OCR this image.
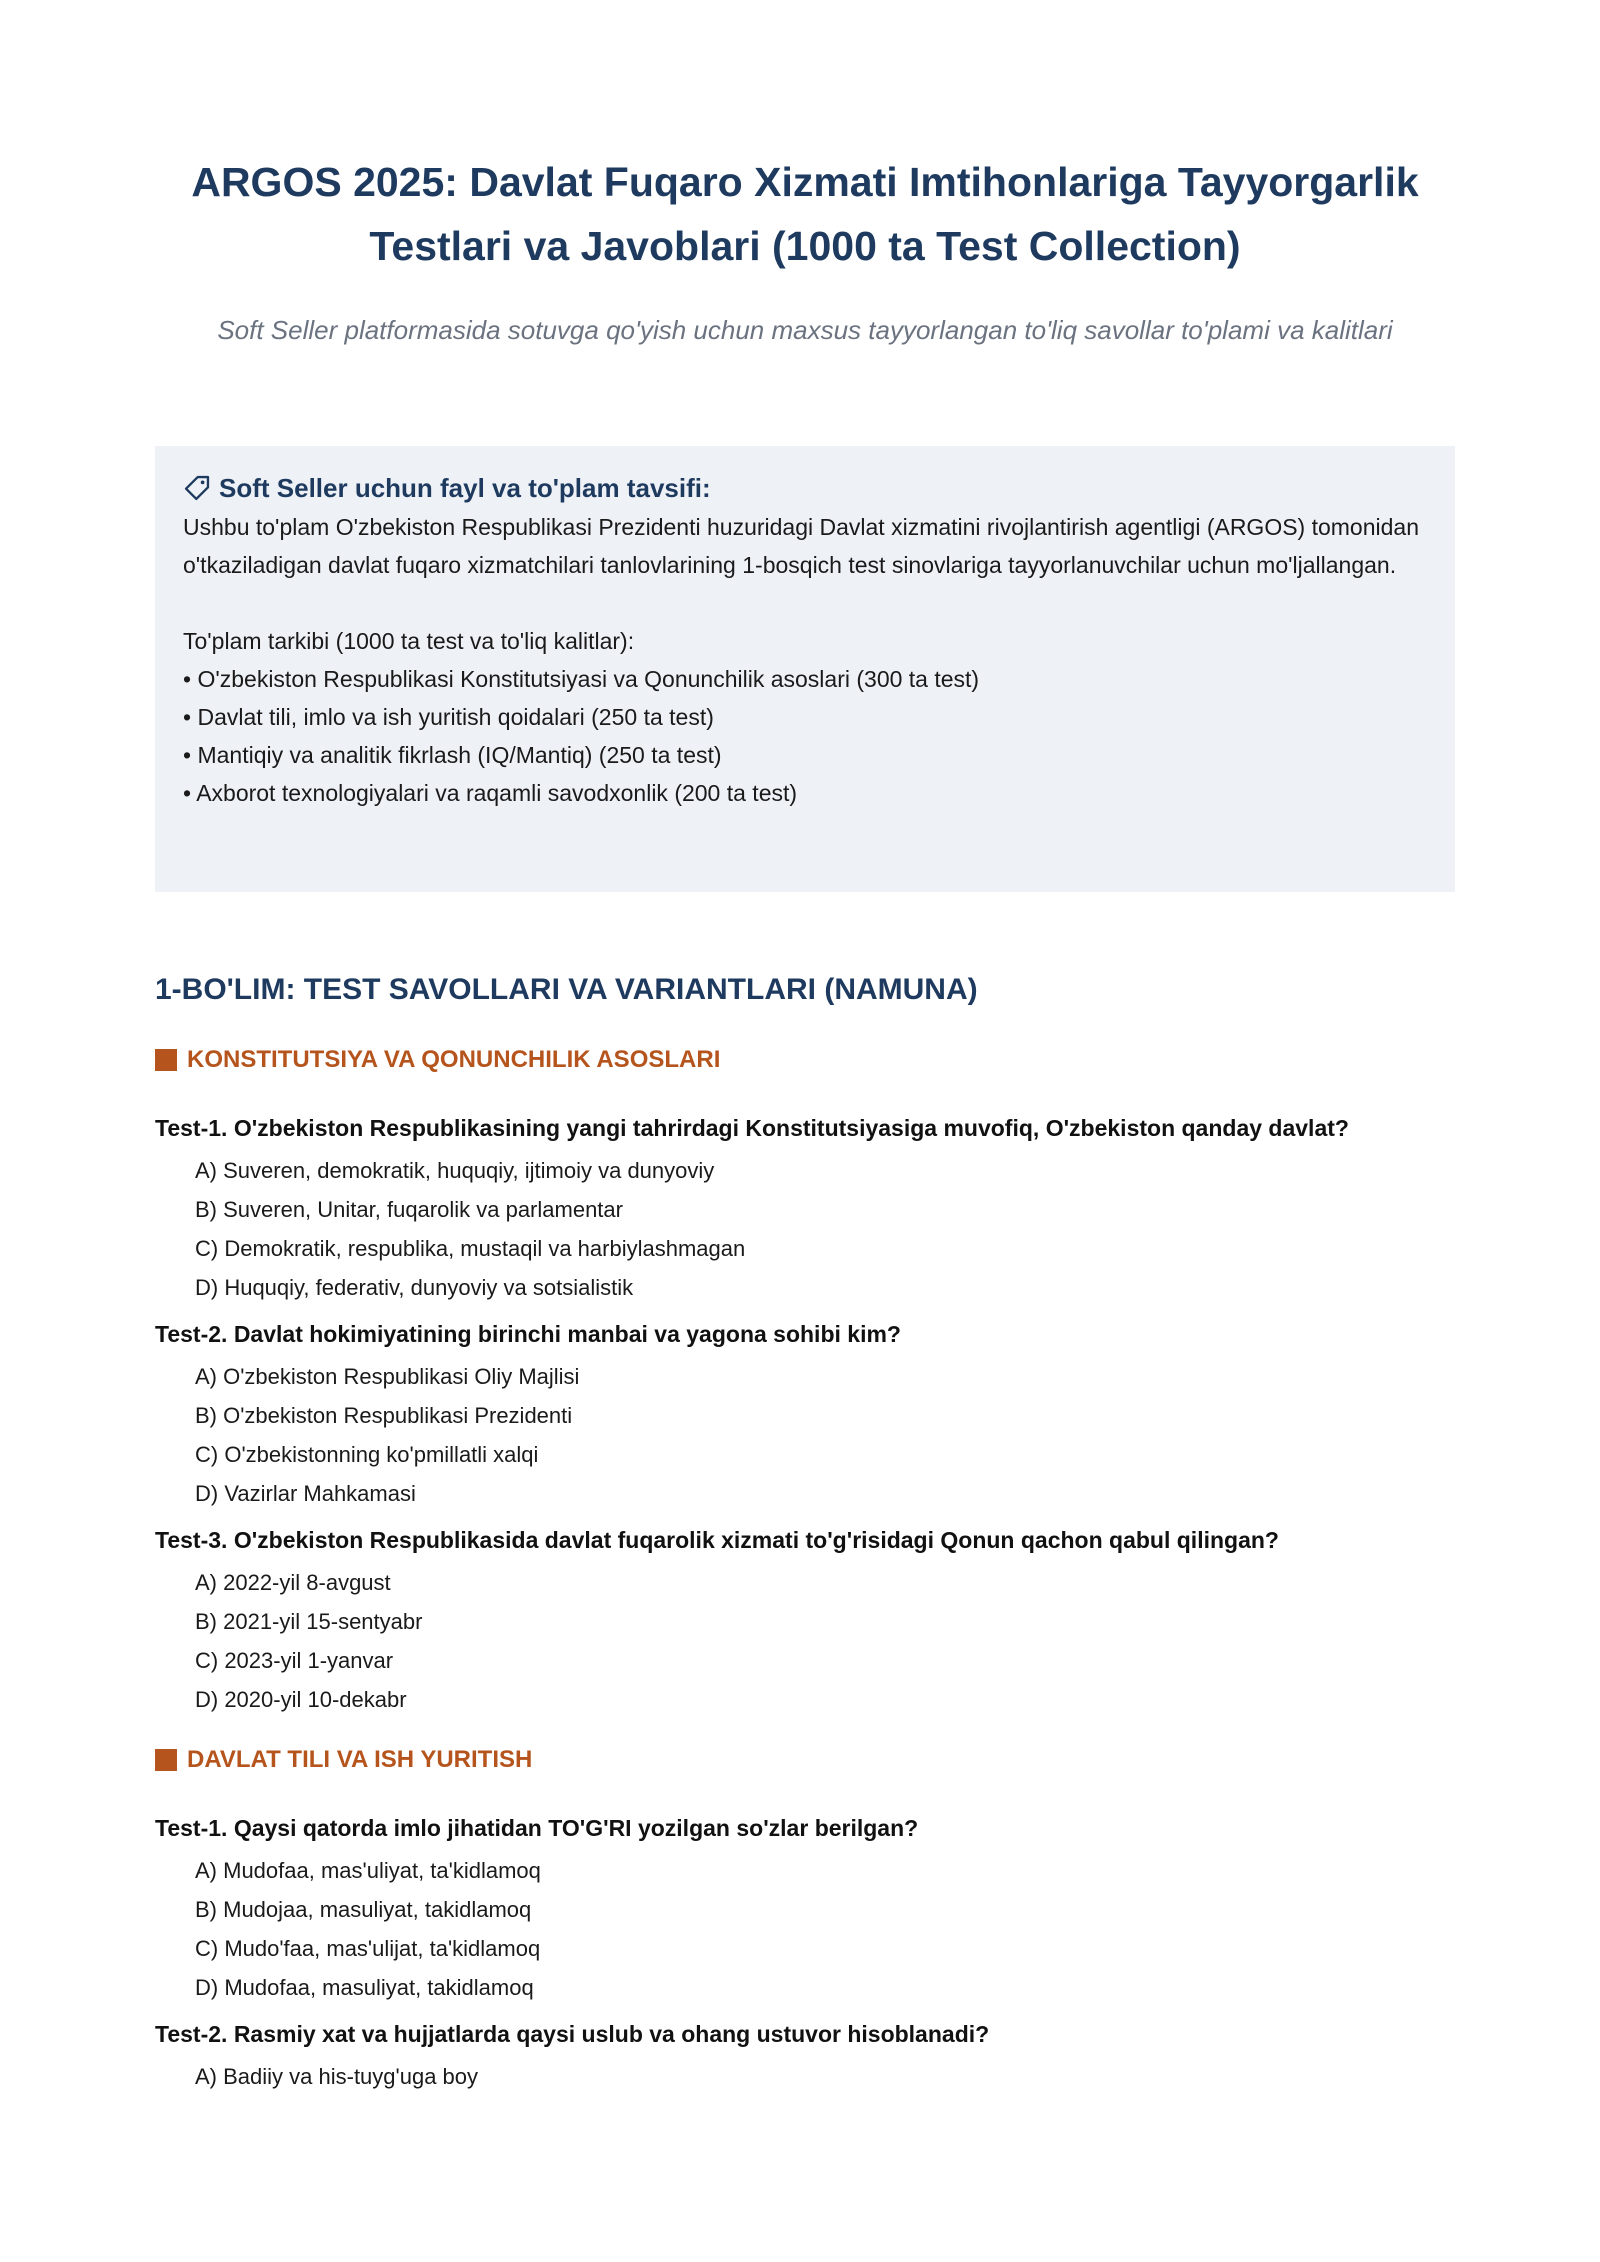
ARGOS 2025: Davlat Fuqaro Xizmati Imtihonlariga Tayyorgarlik Testlari va Javoblari (1000 ta Test Collection)
Soft Seller platformasida sotuvga qo'yish uchun maxsus tayyorlangan to'liq savollar to'plami va kalitlari
Soft Seller uchun fayl va to'plam tavsifi:

Ushbu to'plam O'zbekiston Respublikasi Prezidenti huzuridagi Davlat xizmatini rivojlantirish agentligi (ARGOS) tomonidan o'tkaziladigan davlat fuqaro xizmatchilari tanlovlarining 1-bosqich test sinovlariga tayyorlanuvchilar uchun mo'ljallangan.

To'plam tarkibi (1000 ta test va to'liq kalitlar):

• O'zbekiston Respublikasi Konstitutsiyasi va Qonunchilik asoslari (300 ta test)
• Davlat tili, imlo va ish yuritish qoidalari (250 ta test)
• Mantiqiy va analitik fikrlash (IQ/Mantiq) (250 ta test)
• Axborot texnologiyalari va raqamli savodxonlik (200 ta test)
1-BO'LIM: TEST SAVOLLARI VA VARIANTLARI (NAMUNA)
KONSTITUTSIYA VA QONUNCHILIK ASOSLARI
Test-1. O'zbekiston Respublikasining yangi tahrirdagi Konstitutsiyasiga muvofiq, O'zbekiston qanday davlat?
A) Suveren, demokratik, huquqiy, ijtimoiy va dunyoviy
B) Suveren, Unitar, fuqarolik va parlamentar
C) Demokratik, respublika, mustaqil va harbiylashmagan
D) Huquqiy, federativ, dunyoviy va sotsialistik
Test-2. Davlat hokimiyatining birinchi manbai va yagona sohibi kim?
A) O'zbekiston Respublikasi Oliy Majlisi
B) O'zbekiston Respublikasi Prezidenti
C) O'zbekistonning ko'pmillatli xalqi
D) Vazirlar Mahkamasi
Test-3. O'zbekiston Respublikasida davlat fuqarolik xizmati to'g'risidagi Qonun qachon qabul qilingan?
A) 2022-yil 8-avgust
B) 2021-yil 15-sentyabr
C) 2023-yil 1-yanvar
D) 2020-yil 10-dekabr
DAVLAT TILI VA ISH YURITISH
Test-1. Qaysi qatorda imlo jihatidan TO'G'RI yozilgan so'zlar berilgan?
A) Mudofaa, mas'uliyat, ta'kidlamoq
B) Mudojaa, masuliyat, takidlamoq
C) Mudo'faa, mas'ulijat, ta'kidlamoq
D) Mudofaa, masuliyat, takidlamoq
Test-2. Rasmiy xat va hujjatlarda qaysi uslub va ohang ustuvor hisoblanadi?
A) Badiiy va his-tuyg'uga boy
